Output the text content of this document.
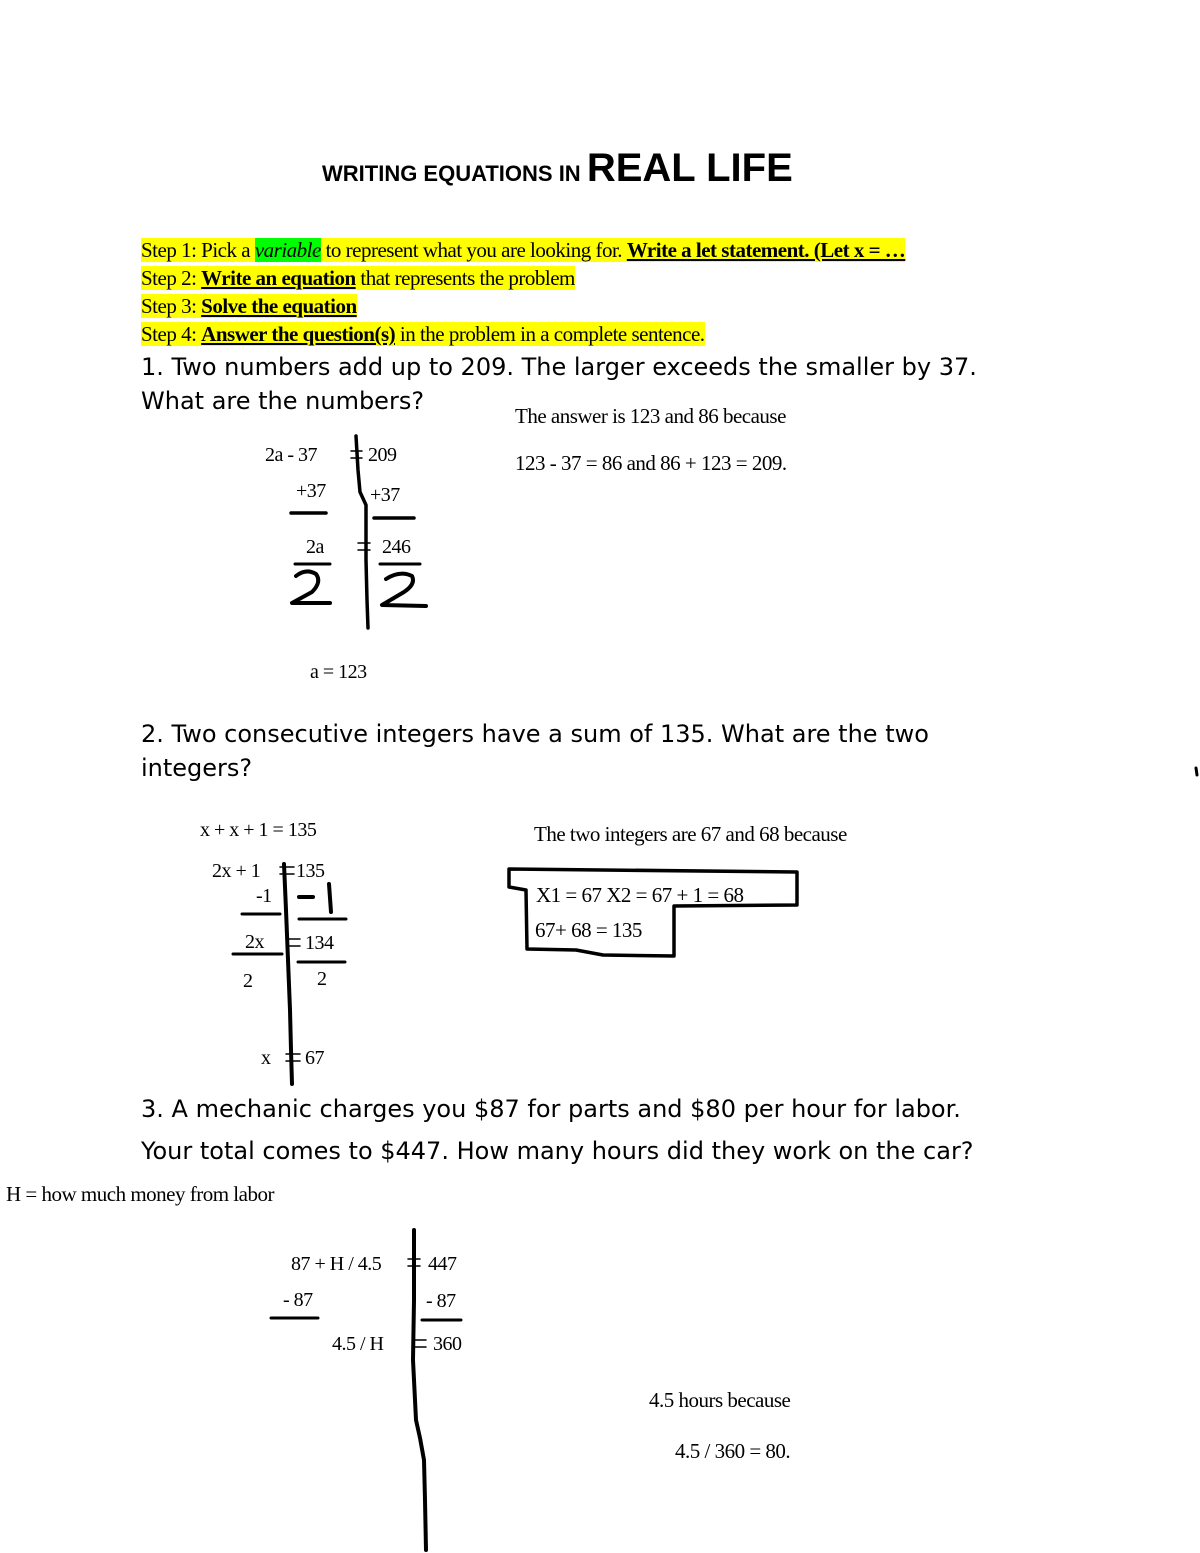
WRITING EQUATIONS IN REAL LIFE
Step 1: Pick a variable to represent what you are looking for. Write a let statement. (Let x = …
Step 2: Write an equation that represents the problem
Step 3: Solve the equation
Step 4: Answer the question(s) in the problem in a complete sentence.
1. Two numbers add up to 209. The larger exceeds the smaller by 37.
What are the numbers?
The answer is 123 and 86 because
123 - 37 = 86 and 86 + 123 = 209.
2a - 37	209
+37 +37
2a	246
a = 123
2. Two consecutive integers have a sum of 135. What are the two
integers?
x + x + 1 = 135
2x + 1 135
-1
2x 134
2	2
x 67
The two integers are 67 and 68 because
X1 = 67 X2 = 67 + 1 = 68
67+ 68 = 135
3. A mechanic charges you $87 for parts and $80 per hour for labor.
Your total comes to $447. How many hours did they work on the car?
H = how much money from labor
87 + H / 4.5 447
- 87	- 87
4.5 / H 360
4.5 hours because
4.5 / 360 = 80.
